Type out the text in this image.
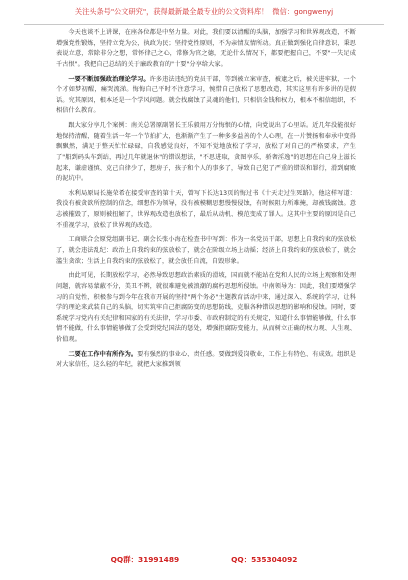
关注头条号"公文研究"，获得最新最全最专业的公文资料库！ 微信：gongwenyj

今天也谈不上讲课，在座各位都是中坚力量。对此，我们要以清醒的头脑，加强学习和世界观改造，不断增强党性锻炼，坚持立党为公，执政为民；坚持党性原则，不为亲情友情所动。真正做到强化自律意识，秉思表说立意，常除非分之想，常怀律己之心，常修为官之德，无论什么情况下，都要把握自己，不要"一失足成千古恨"。我把自己总结的关于廉政教育的"十要"分享给大家。

一要不断加强政治理论学习。许多违法违纪的党员干部，等到被立案审查，被逮之后，被关进牢狱，一个个才如梦初醒，痛哭流涕。悔悔自己平时不注意学习，惋惜自己放松了思想改造，其实这里有许多讲的是假话。究其原因，根本还是一个学风问题。就会找腐蚀了灵魂的他们，只相信金钱和权力，根本不相信组织，不相信什么教育。

跟大家分享几个案例：南关总署原副署长王乐毅用万分悔恨的心情，向党说出了心里话。近几年没能很好地保持清醒，随着生活一年一个节拍扩大，也渐渐产生了一种多多益善的个人心理，在一片赞扬和奉承中变得飘飘然，满足于整天忙忙碌碌，自我感觉良好，不知不觉地放松了学习，放松了对自己的严格要求，产生了"船到码头车到站，再过几年就退休"的错误想法，"不思进取，贪图享乐，骄奢淫逸"的思想在自己身上滋长起来，谦虚谨慎、克己自律少了，想房子，孩子和个人的事多了，导致自己犯了严重的错误和罪行，滑到腐败的泥坑中。

水利局原局长施荣希在接受审查的第十天，曾写下长达13页的悔过书《十天走过生死路》，他这样写道：我没有被贪欲所控制的信念，细想作为领导，没有被模糊思想慢慢侵蚀，有时候阻力所难掩，却被钱腐蚀。意志被摧毁了，原则被扭解了，世界观改造也放松了，最后从动机、模范变成了罪人。这其中主要的原因是自己不重视学习，放松了世界观的改造。

工商联合会原党组副书记、副会长张小海在检查书中写到：作为一名党员干部，思想上自我约束的弦放松了，就会违法乱纪：政治上自我约束的弦放松了，就会在阶级立场上动摇；经济上自我约束的弦放松了，就会滥生贪欲；生活上自我约束的弦放松了，就会放任自流，自毁形象。

由此可见，长期放松学习，必然导致思想政治素质的滑坡，国而就不能站在党和人民的立场上观察和处理问题，就容易蒙蔽不分，美丑不辨，就很难避免被浪潮的腐朽思想所侵蚀。中南领导为：因此，我们要增强学习的自觉性，积极参与到今年在我市开展的坚持"两个务必"主题教育活动中来，通过深入、系统的学习，让科学的理论来武装自己的头脑，切实筑牢自己拒腐防变的思想防线，克服各种错误思想的影响和侵蚀。同时，要系统学习党内有关纪律和国家的有关法律，学习市委、市政府制定的有关规定，知道什么事情能够做，什么事情不能做，什么事情能够做了会受到党纪国法的惩处，增强拒腐防变能力，从而树立正确的权力观、人生观、价值观。

二要在工作中有所作为。要有强烈的事业心、责任感。要做到爱岗敬业，工作上有特色、有成效。组织是对大家信任，这么轻的年纪，就把大家推到领

QQ群：31991489	QQ：535304092
